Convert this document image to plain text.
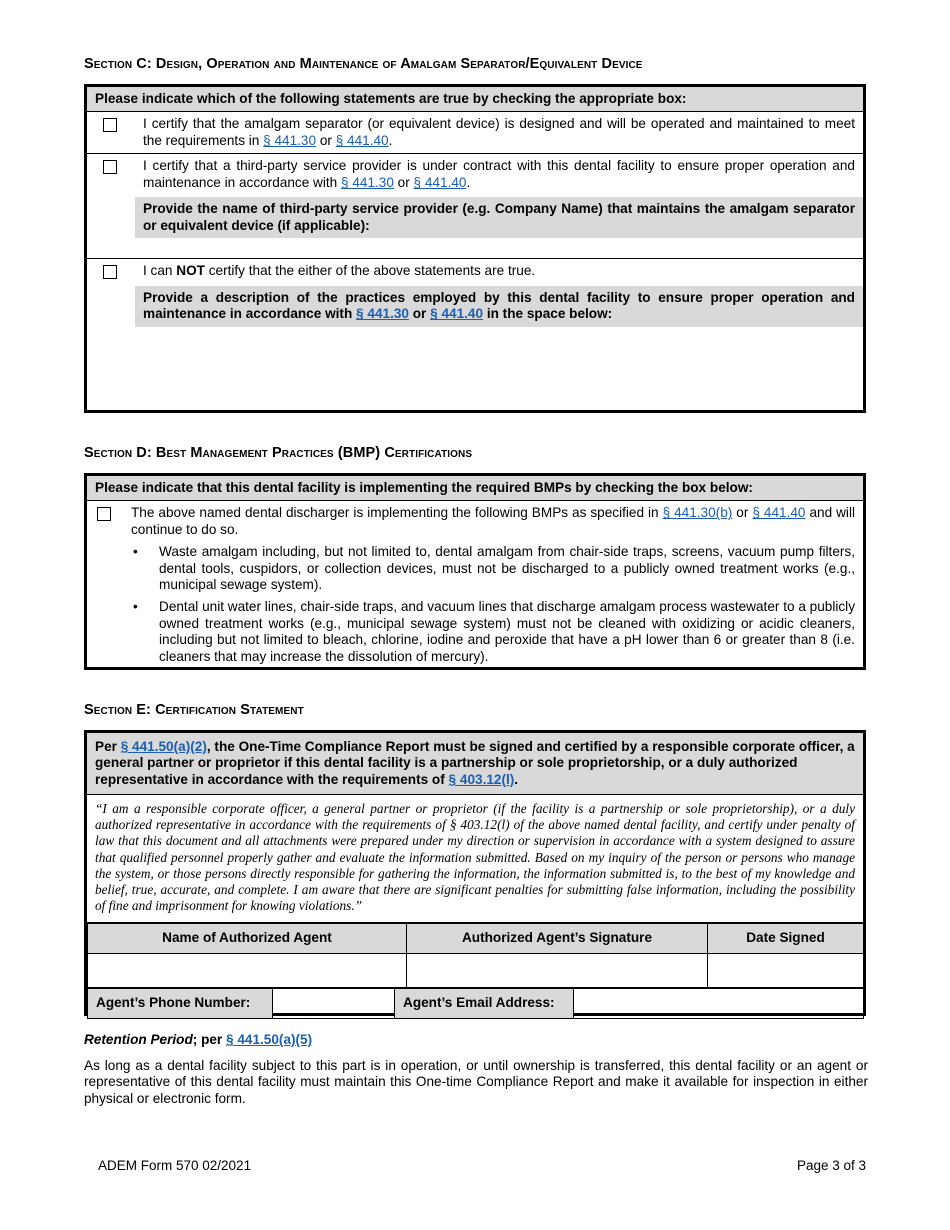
Section C: Design, Operation and Maintenance of Amalgam Separator/Equivalent Device
Please indicate which of the following statements are true by checking the appropriate box:
I certify that the amalgam separator (or equivalent device) is designed and will be operated and maintained to meet the requirements in § 441.30 or § 441.40.
I certify that a third-party service provider is under contract with this dental facility to ensure proper operation and maintenance in accordance with § 441.30 or § 441.40.
Provide the name of third-party service provider (e.g. Company Name) that maintains the amalgam separator or equivalent device (if applicable):
I can NOT certify that the either of the above statements are true.
Provide a description of the practices employed by this dental facility to ensure proper operation and maintenance in accordance with § 441.30 or § 441.40 in the space below:
Section D: Best Management Practices (BMP) Certifications
Please indicate that this dental facility is implementing the required BMPs by checking the box below:
The above named dental discharger is implementing the following BMPs as specified in § 441.30(b) or § 441.40 and will continue to do so.
• Waste amalgam including, but not limited to, dental amalgam from chair-side traps, screens, vacuum pump filters, dental tools, cuspidors, or collection devices, must not be discharged to a publicly owned treatment works (e.g., municipal sewage system).
• Dental unit water lines, chair-side traps, and vacuum lines that discharge amalgam process wastewater to a publicly owned treatment works (e.g., municipal sewage system) must not be cleaned with oxidizing or acidic cleaners, including but not limited to bleach, chlorine, iodine and peroxide that have a pH lower than 6 or greater than 8 (i.e. cleaners that may increase the dissolution of mercury).
Section E: Certification Statement
Per § 441.50(a)(2), the One-Time Compliance Report must be signed and certified by a responsible corporate officer, a general partner or proprietor if this dental facility is a partnership or sole proprietorship, or a duly authorized representative in accordance with the requirements of § 403.12(l).
“I am a responsible corporate officer, a general partner or proprietor (if the facility is a partnership or sole proprietorship), or a duly authorized representative in accordance with the requirements of § 403.12(l) of the above named dental facility, and certify under penalty of law that this document and all attachments were prepared under my direction or supervision in accordance with a system designed to assure that qualified personnel properly gather and evaluate the information submitted. Based on my inquiry of the person or persons who manage the system, or those persons directly responsible for gathering the information, the information submitted is, to the best of my knowledge and belief, true, accurate, and complete. I am aware that there are significant penalties for submitting false information, including the possibility of fine and imprisonment for knowing violations.”
Name of Authorized Agent	Authorized Agent’s Signature	Date Signed

Agent’s Phone Number:		Agent’s Email Address:	
Retention Period; per § 441.50(a)(5)
As long as a dental facility subject to this part is in operation, or until ownership is transferred, this dental facility or an agent or representative of this dental facility must maintain this One-time Compliance Report and make it available for inspection in either physical or electronic form.
ADEM Form 570 02/2021	Page 3 of 3
